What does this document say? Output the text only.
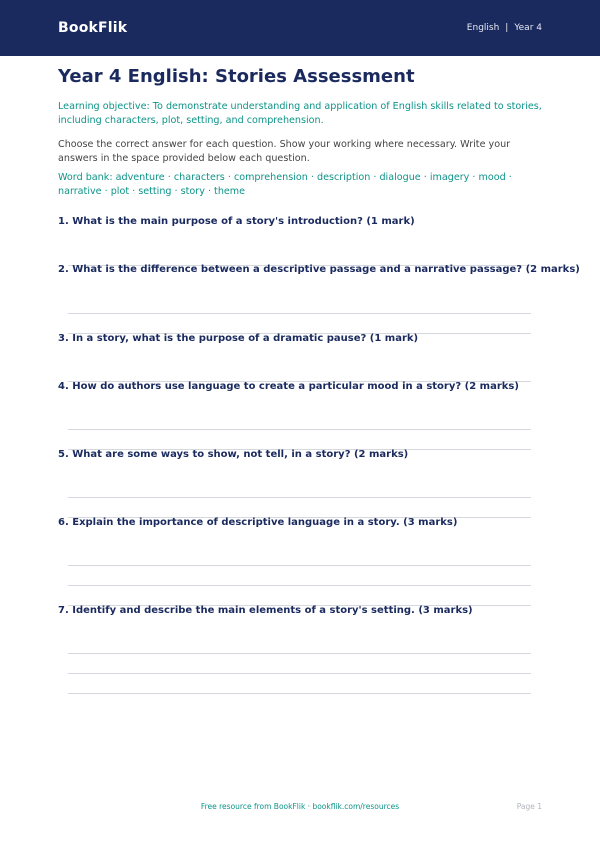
BookFlik	English | Year 4
Year 4 English: Stories Assessment

Learning objective: To demonstrate understanding and application of English skills related to stories, including characters, plot, setting, and comprehension.

Choose the correct answer for each question. Show your working where necessary. Write your answers in the space provided below each question.

Word bank: adventure · characters · comprehension · description · dialogue · imagery · mood · narrative · plot · setting · story · theme

1. What is the main purpose of a story's introduction? (1 mark)

2. What is the difference between a descriptive passage and a narrative passage? (2 marks)

3. In a story, what is the purpose of a dramatic pause? (1 mark)

4. How do authors use language to create a particular mood in a story? (2 marks)

5. What are some ways to show, not tell, in a story? (2 marks)

6. Explain the importance of descriptive language in a story. (3 marks)

7. Identify and describe the main elements of a story's setting. (3 marks)

Free resource from BookFlik · bookflik.com/resources	Page 1
